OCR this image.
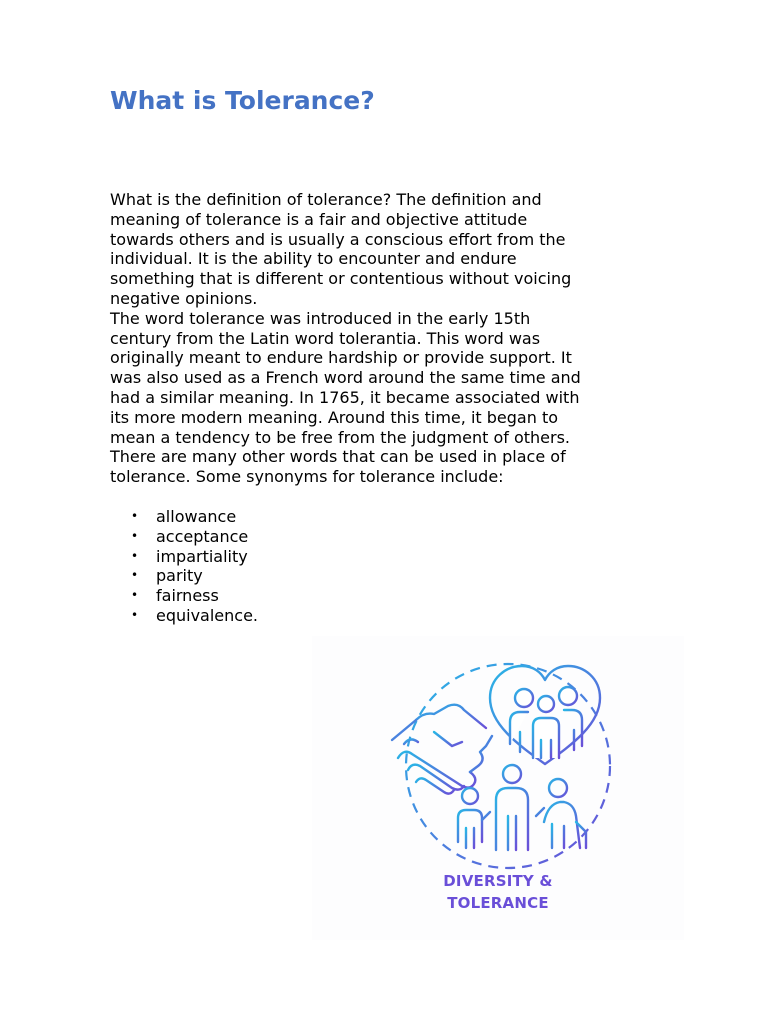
What is Tolerance?

What is the definition of tolerance? The definition and
meaning of tolerance is a fair and objective attitude
towards others and is usually a conscious effort from the
individual. It is the ability to encounter and endure
something that is different or contentious without voicing
negative opinions.

The word tolerance was introduced in the early 15th
century from the Latin word tolerantia. This word was
originally meant to endure hardship or provide support. It
was also used as a French word around the same time and
had a similar meaning. In 1765, it became associated with
its more modern meaning. Around this time, it began to
mean a tendency to be free from the judgment of others.
There are many other words that can be used in place of
tolerance. Some synonyms for tolerance include:

• allowance
• acceptance
• impartiality
• parity
• fairness
• equivalence.
DIVERSITY &
TOLERANCE
